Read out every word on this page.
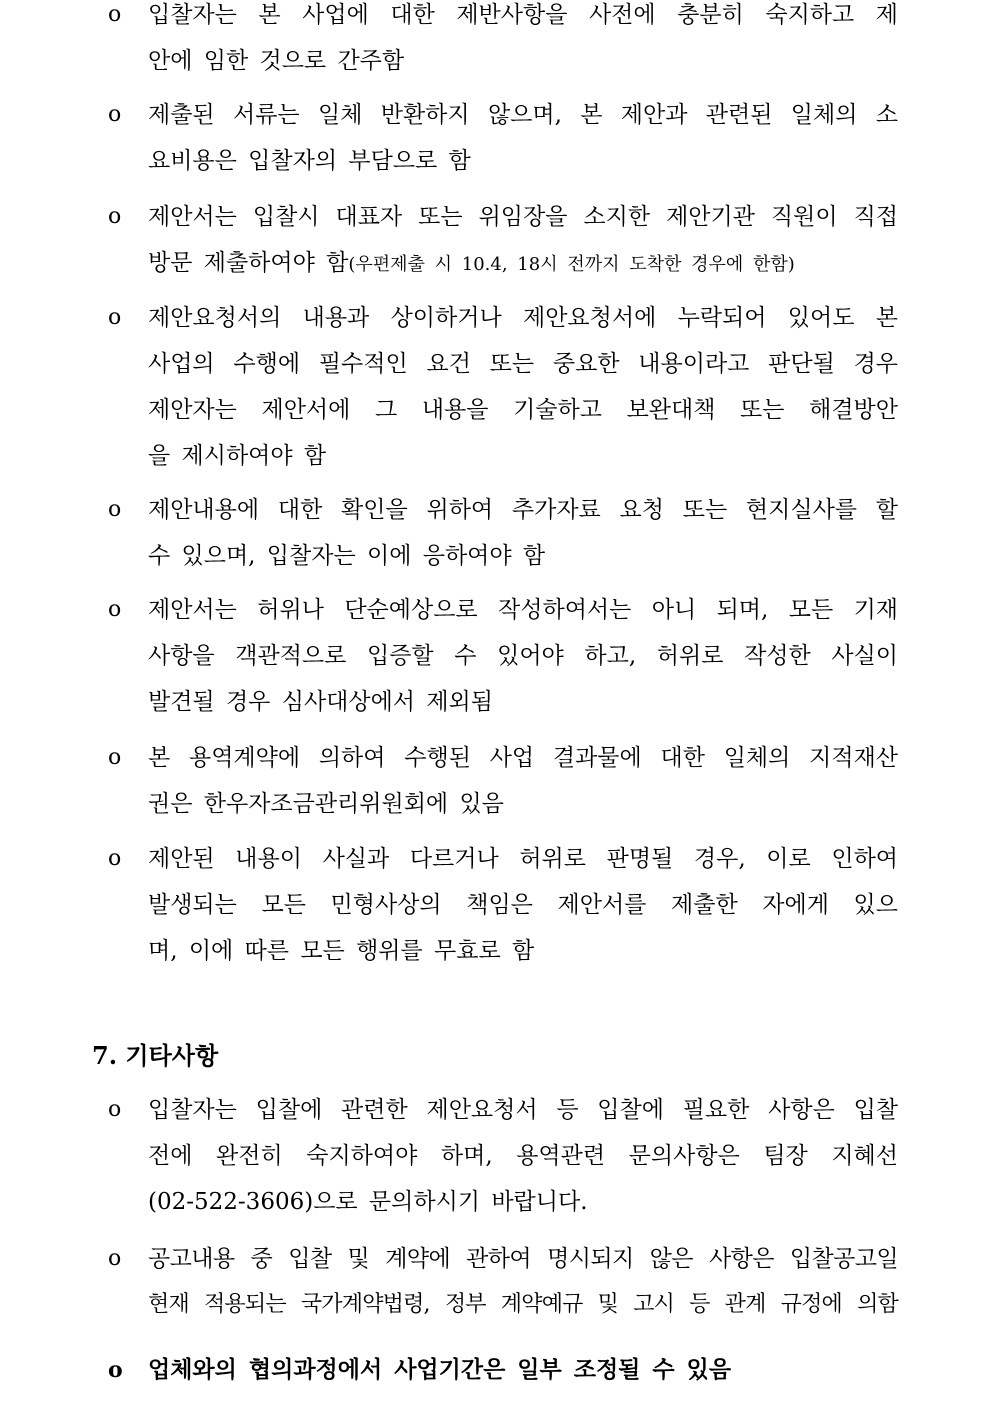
o	입찰자는 본 사업에 대한 제반사항을 사전에 충분히 숙지하고 제
안에 임한 것으로 간주함
o	제출된 서류는 일체 반환하지 않으며, 본 제안과 관련된 일체의 소
요비용은 입찰자의 부담으로 함
o	제안서는 입찰시 대표자 또는 위임장을 소지한 제안기관 직원이 직접
방문 제출하여야 함(우편제출 시 10.4, 18시 전까지 도착한 경우에 한함)
o	제안요청서의 내용과 상이하거나 제안요청서에 누락되어 있어도 본
사업의 수행에 필수적인 요건 또는 중요한 내용이라고 판단될 경우
제안자는 제안서에 그 내용을 기술하고 보완대책 또는 해결방안
을 제시하여야 함
o	제안내용에 대한 확인을 위하여 추가자료 요청 또는 현지실사를 할
수 있으며, 입찰자는 이에 응하여야 함
o	제안서는 허위나 단순예상으로 작성하여서는 아니 되며, 모든 기재
사항을 객관적으로 입증할 수 있어야 하고, 허위로 작성한 사실이
발견될 경우 심사대상에서 제외됨
o	본 용역계약에 의하여 수행된 사업 결과물에 대한 일체의 지적재산
권은 한우자조금관리위원회에 있음
o	제안된 내용이 사실과 다르거나 허위로 판명될 경우, 이로 인하여
발생되는 모든 민형사상의 책임은 제안서를 제출한 자에게 있으
며, 이에 따른 모든 행위를 무효로 함
7. 기타사항
o	입찰자는 입찰에 관련한 제안요청서 등 입찰에 필요한 사항은 입찰
전에 완전히 숙지하여야 하며, 용역관련 문의사항은 팀장 지혜선
(02-522-3606)으로 문의하시기 바랍니다.
o	공고내용 중 입찰 및 계약에 관하여 명시되지 않은 사항은 입찰공고일
현재 적용되는 국가계약법령, 정부 계약예규 및 고시 등 관계 규정에 의함
o	업체와의 협의과정에서 사업기간은 일부 조정될 수 있음
